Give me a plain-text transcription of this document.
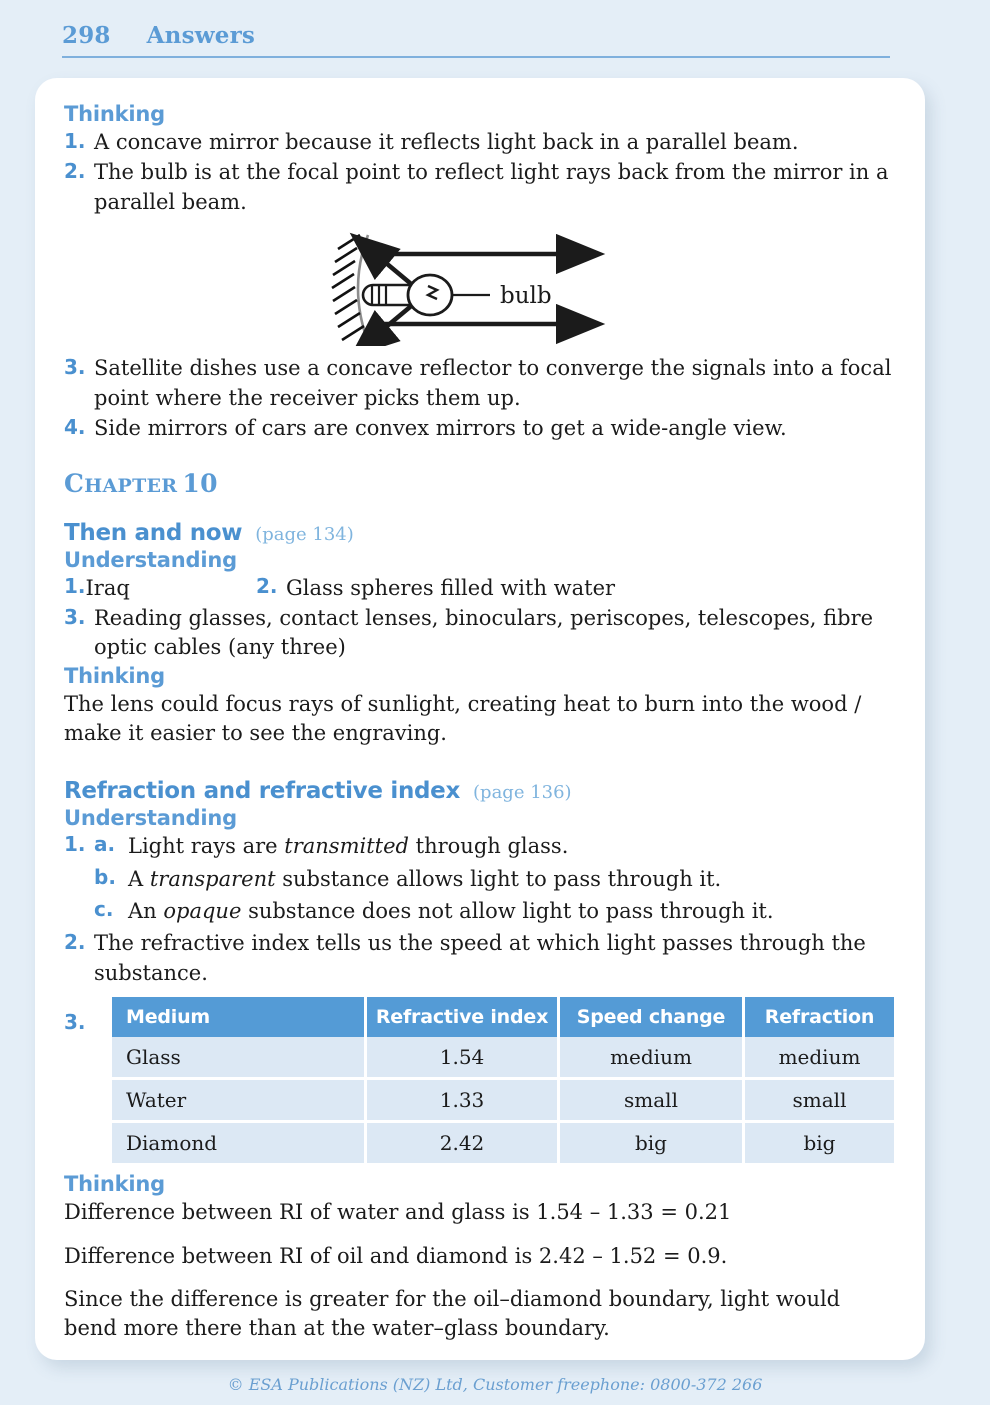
298 Answers
Thinking
1. A concave mirror because it reflects light back in a parallel beam.
2. The bulb is at the focal point to reflect light rays back from the mirror in a parallel beam.
bulb
3. Satellite dishes use a concave reflector to converge the signals into a focal point where the receiver picks them up.
4. Side mirrors of cars are convex mirrors to get a wide-angle view.
CHAPTER 10
Then and now (page 134)
Understanding
1. Iraq	2. Glass spheres filled with water
3. Reading glasses, contact lenses, binoculars, periscopes, telescopes, fibre optic cables (any three)
Thinking

The lens could focus rays of sunlight, creating heat to burn into the wood / make it easier to see the engraving.

Refraction and refractive index (page 136)
Understanding
1. a. Light rays are transmitted through glass.
b. A transparent substance allows light to pass through it.
c. An opaque substance does not allow light to pass through it.
2. The refractive index tells us the speed at which light passes through the substance.
3.	Medium	Refractive index	Speed change	Refraction
Glass	1.54	medium	medium
Water	1.33	small	small
Diamond	2.42	big	big
Thinking

Difference between RI of water and glass is 1.54 – 1.33 = 0.21

Difference between RI of oil and diamond is 2.42 – 1.52 = 0.9.

Since the difference is greater for the oil–diamond boundary, light would bend more there than at the water–glass boundary.

© ESA Publications (NZ) Ltd, Customer freephone: 0800-372 266
